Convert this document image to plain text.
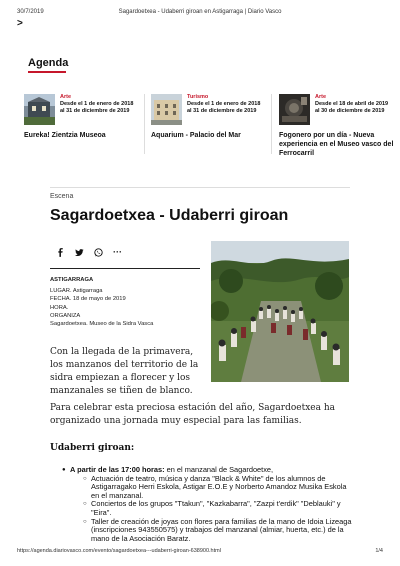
30/7/2019	Sagardoetxea - Udaberri giroan en Astigarraga | Diario Vasco
>
Agenda
Arte
Desde el 1 de enero de 2018
al 31 de diciembre de 2019
Eureka! Zientzia Museoa
Turismo
Desde el 1 de enero de 2018
al 31 de diciembre de 2019
Aquarium - Palacio del Mar
Arte
Desde el 18 de abril de 2019
al 30 de diciembre de 2019
Fogonero por un día - Nueva experiencia en el Museo vasco del Ferrocarril
Escena
Sagardoetxea - Udaberri giroan
···
ASTIGARRAGA
LUGAR. Astigarraga
FECHA. 18 de mayo de 2019
HORA.
ORGANIZA
Sagardoetxea. Museo de la Sidra Vasca

Con la llegada de la primavera, los manzanos del territorio de la sidra empiezan a florecer y los manzanales se tiñen de blanco.

Para celebrar esta preciosa estación del año, Sagardoetxea ha organizado una jornada muy especial para las familias.

Udaberri giroan:
● A partir de las 17:00 horas: en el manzanal de Sagardoetxe,
○ Actuación de teatro, música y danza "Black & White" de los alumnos de Astigarragako Herri Eskola, Astigar E.O.E y Norberto Amandoz Musika Eskola en el manzanal.
○ Conciertos de los grupos "Ttakun", "Kazkabarra", "Zazpi t'erdik" "Deblauki" y "Eira".
○ Taller de creación de joyas con flores para familias de la mano de Idoia Lizeaga (inscripciones 943550575) y trabajos del manzanal (almiar, huerta, etc.) de la mano de la Asociación Baratz.
https://agenda.diariovasco.com/evento/sagardoetxea---udaberri-giroan-638900.html	1/4
